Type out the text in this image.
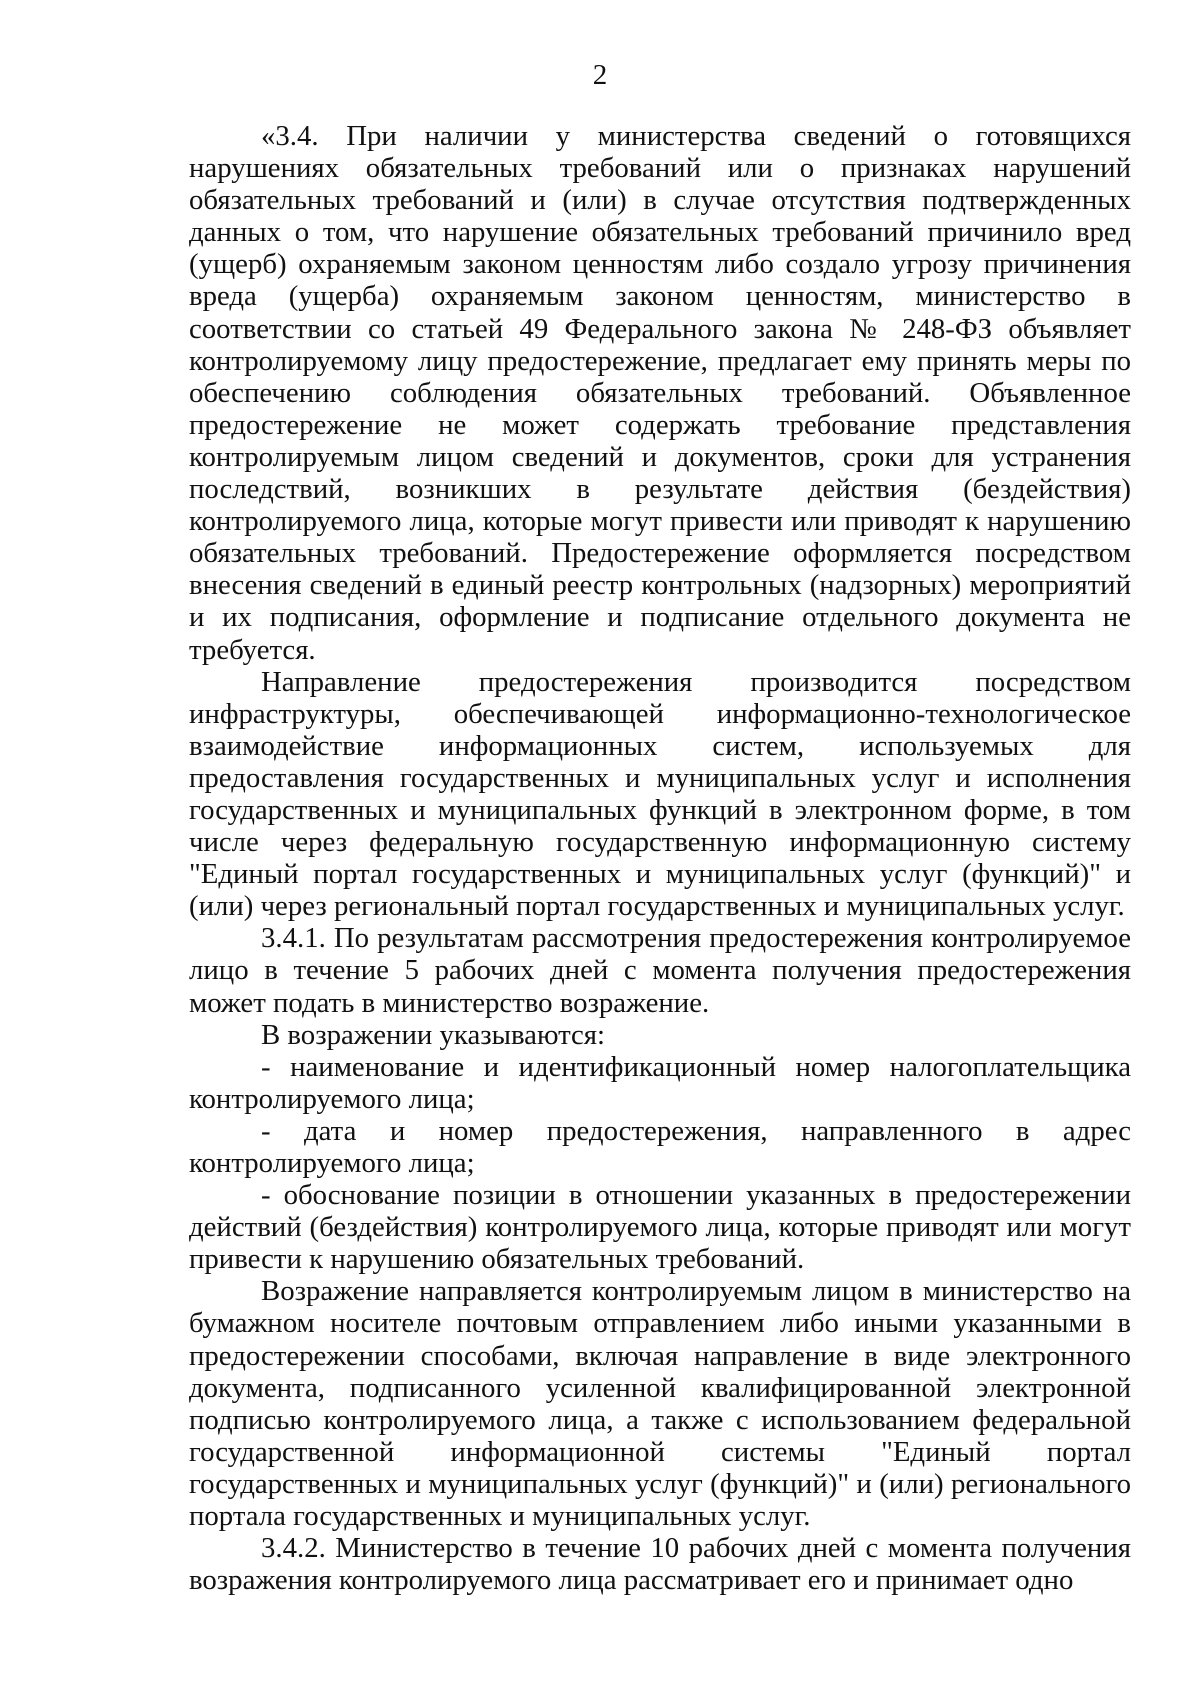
2

«3.4. При наличии у министерства сведений о готовящихся нарушениях обязательных требований или о признаках нарушений обязательных требований и (или) в случае отсутствия подтвержденных данных о том, что нарушение обязательных требований причинило вред (ущерб) охраняемым законом ценностям либо создало угрозу причинения вреда (ущерба) охраняемым законом ценностям, министерство в соответствии со статьей 49 Федерального закона № 248-ФЗ объявляет контролируемому лицу предостережение, предлагает ему принять меры по обеспечению соблюдения обязательных требований. Объявленное предостережение не может содержать требование представления контролируемым лицом сведений и документов, сроки для устранения последствий, возникших в результате действия (бездействия) контролируемого лица, которые могут привести или приводят к нарушению обязательных требований. Предостережение оформляется посредством внесения сведений в единый реестр контрольных (надзорных) мероприятий и их подписания, оформление и подписание отдельного документа не требуется.

Направление предостережения производится посредством инфраструктуры, обеспечивающей информационно-технологическое взаимодействие информационных систем, используемых для предоставления государственных и муниципальных услуг и исполнения государственных и муниципальных функций в электронном форме, в том числе через федеральную государственную информационную систему "Единый портал государственных и муниципальных услуг (функций)" и (или) через региональный портал государственных и муниципальных услуг.

3.4.1. По результатам рассмотрения предостережения контролируемое лицо в течение 5 рабочих дней с момента получения предостережения может подать в министерство возражение.

В возражении указываются:

- наименование и идентификационный номер налогоплательщика контролируемого лица;

- дата и номер предостережения, направленного в адрес контролируемого лица;

- обоснование позиции в отношении указанных в предостережении действий (бездействия) контролируемого лица, которые приводят или могут привести к нарушению обязательных требований.

Возражение направляется контролируемым лицом в министерство на бумажном носителе почтовым отправлением либо иными указанными в предостережении способами, включая направление в виде электронного документа, подписанного усиленной квалифицированной электронной подписью контролируемого лица, а также с использованием федеральной государственной информационной системы "Единый портал государственных и муниципальных услуг (функций)" и (или) регионального портала государственных и муниципальных услуг.

3.4.2. Министерство в течение 10 рабочих дней с момента получения возражения контролируемого лица рассматривает его и принимает одно
